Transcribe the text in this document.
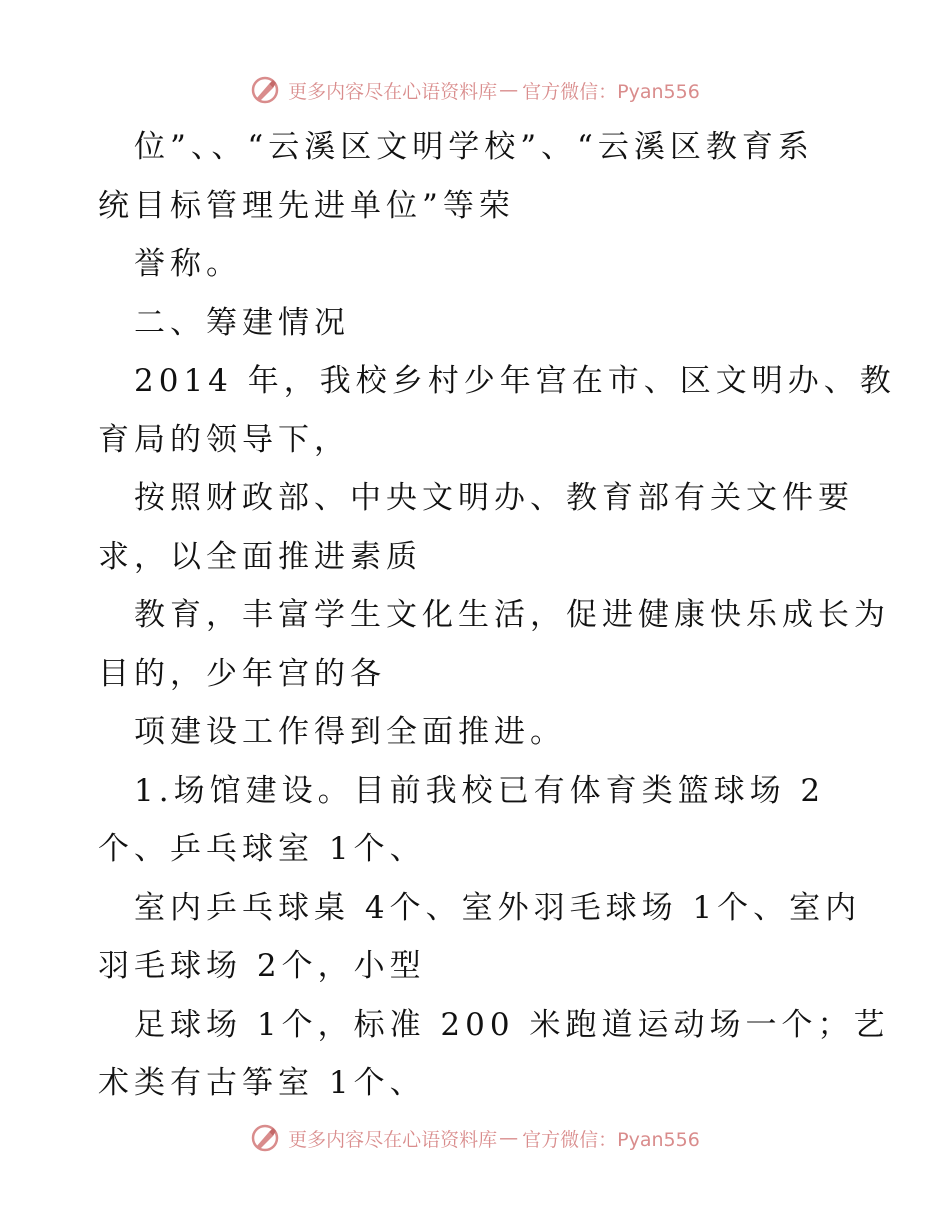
更多内容尽在心语资料库 — 官方微信：Pyan556
位”、、“云溪区文明学校”、“云溪区教育系
统目标管理先进单位”等荣
誉称。
二、筹建情况
2014 年，我校乡村少年宫在市、区文明办、教
育局的领导下，
按照财政部、中央文明办、教育部有关文件要
求，以全面推进素质
教育，丰富学生文化生活，促进健康快乐成长为
目的，少年宫的各
项建设工作得到全面推进。
1.场馆建设。目前我校已有体育类篮球场 2
个、乒乓球室 1个、
室内乒乓球桌 4个、室外羽毛球场 1个、室内
羽毛球场 2个，小型
足球场 1个，标准 200 米跑道运动场一个；艺
术类有古筝室 1个、
更多内容尽在心语资料库 — 官方微信：Pyan556
